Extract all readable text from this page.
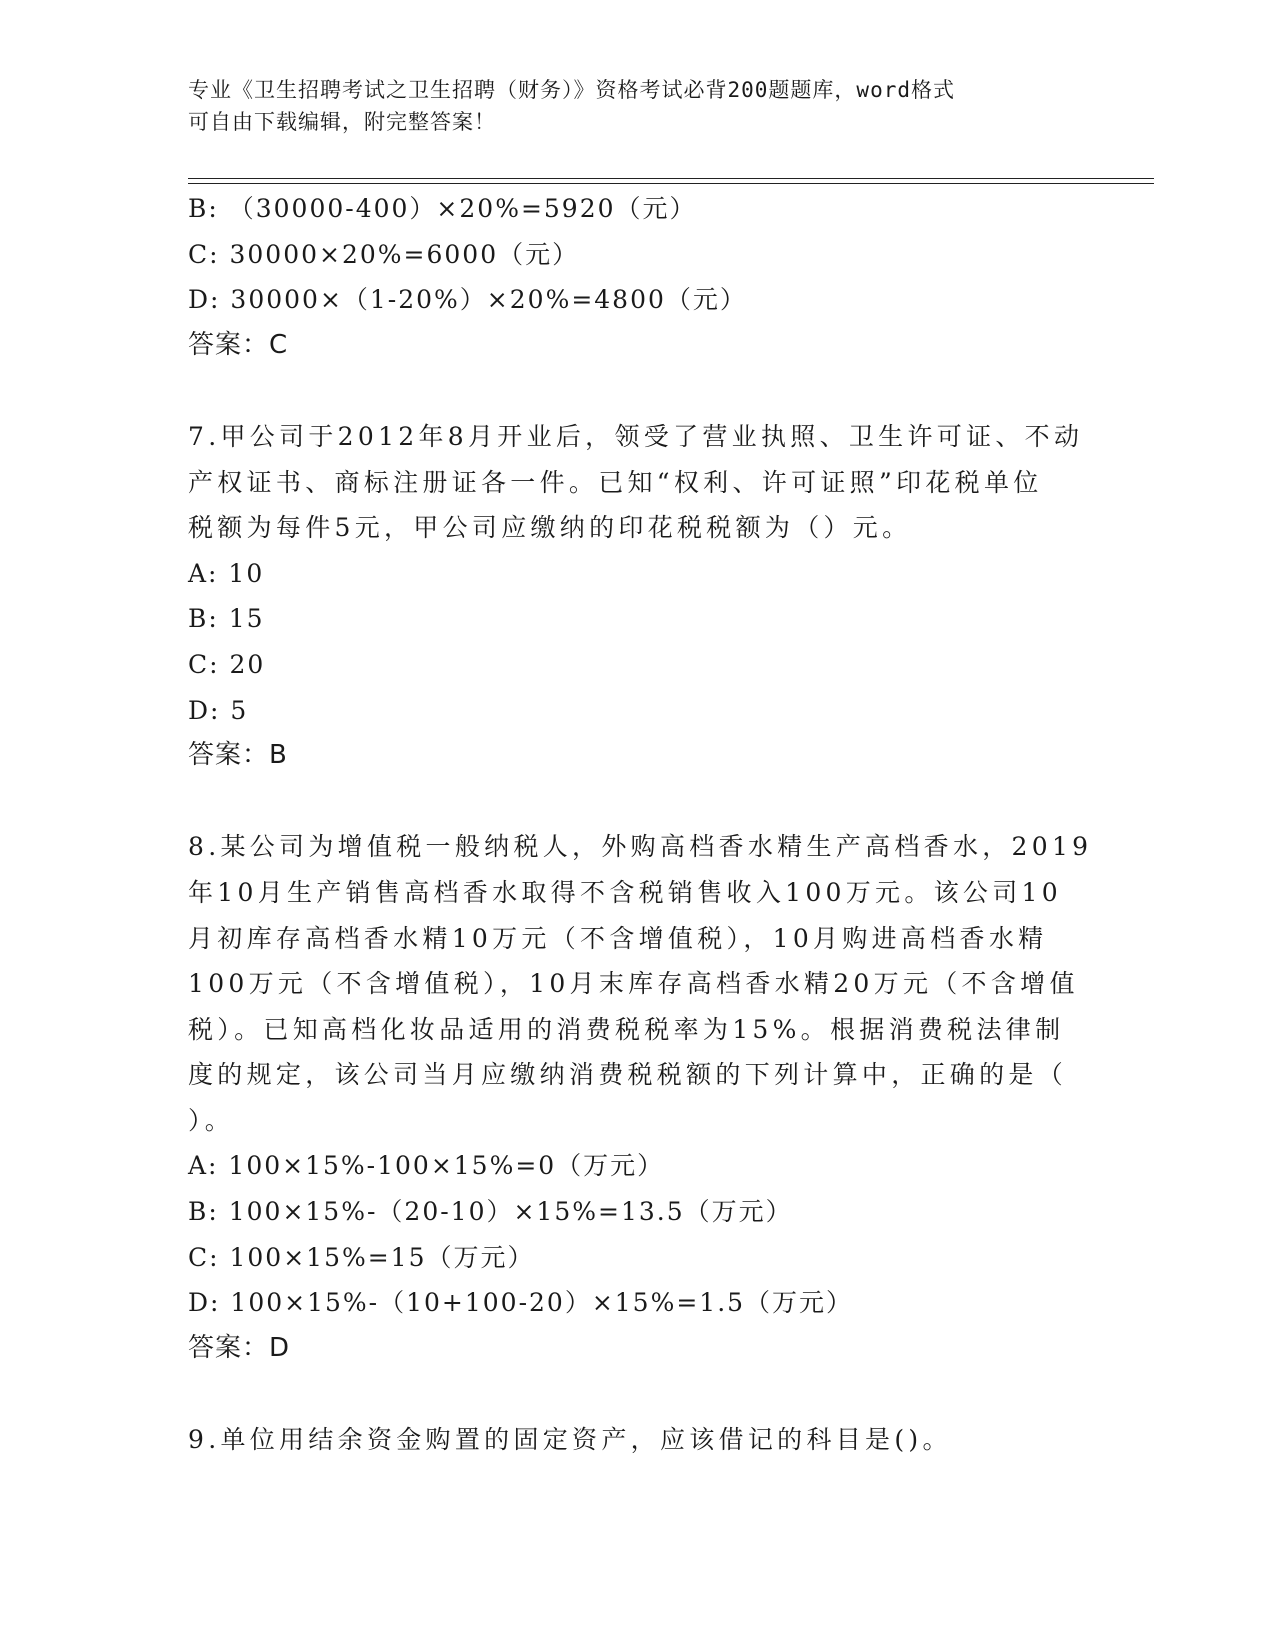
专业《卫生招聘考试之卫生招聘（财务）》资格考试必背200题题库，word格式
可自由下载编辑，附完整答案！
B: （30000-400）×20%=5920（元）
C: 30000×20%=6000（元）
D: 30000×（1-20%）×20%=4800（元）
答案：C
7.甲公司于2012年8月开业后，领受了营业执照、卫生许可证、不动
产权证书、商标注册证各一件。已知“权利、许可证照”印花税单位
税额为每件5元，甲公司应缴纳的印花税税额为（）元。
A: 10
B: 15
C: 20
D: 5
答案：B
8.某公司为增值税一般纳税人，外购高档香水精生产高档香水，2019
年10月生产销售高档香水取得不含税销售收入100万元。该公司10
月初库存高档香水精10万元（不含增值税），10月购进高档香水精
100万元（不含增值税），10月末库存高档香水精20万元（不含增值
税）。已知高档化妆品适用的消费税税率为15%。根据消费税法律制
度的规定，该公司当月应缴纳消费税税额的下列计算中，正确的是（
）。
A: 100×15%-100×15%=0（万元）
B: 100×15%-（20-10）×15%=13.5（万元）
C: 100×15%=15（万元）
D: 100×15%-（10+100-20）×15%=1.5（万元）
答案：D
9.单位用结余资金购置的固定资产，应该借记的科目是()。
